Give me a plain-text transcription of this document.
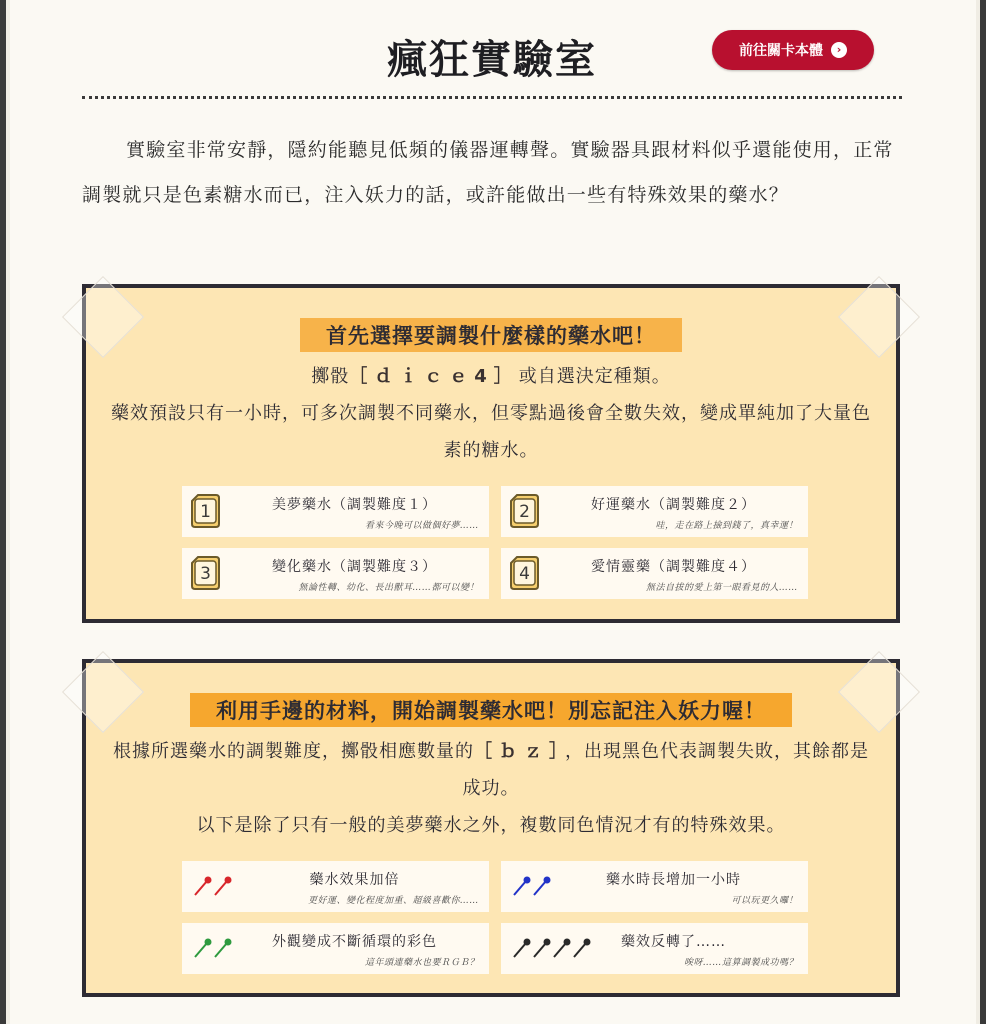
瘋狂實驗室	前往關卡本體	›
實驗室非常安靜，隱約能聽見低頻的儀器運轉聲。實驗器具跟材料似乎還能使用，正常調製就只是色素糖水而已，注入妖力的話，或許能做出一些有特殊效果的藥水？
首先選擇要調製什麼樣的藥水吧！
擲骰［ｄｉｃｅ4］或自選決定種類。
藥效預設只有一小時，可多次調製不同藥水，但零點過後會全數失效，變成單純加了大量色素的糖水。
1	美夢藥水（調製難度１）
看來今晚可以做個好夢……
2	好運藥水（調製難度２）
哇，走在路上撿到錢了，真幸運！
3	變化藥水（調製難度３）
無論性轉、幼化、長出獸耳……都可以變！
4	愛情靈藥（調製難度４）
無法自拔的愛上第一眼看見的人……
利用手邊的材料，開始調製藥水吧！別忘記注入妖力喔！
根據所選藥水的調製難度，擲骰相應數量的［ｂｚ］，出現黑色代表調製失敗，其餘都是成功。
以下是除了只有一般的美夢藥水之外，複數同色情況才有的特殊效果。
藥水效果加倍
更好運、變化程度加重、超級喜歡你……
藥水時長增加一小時
可以玩更久囉！
外觀變成不斷循環的彩色
這年頭連藥水也要ＲＧＢ？
藥效反轉了……
唉呀……這算調製成功嗎？
